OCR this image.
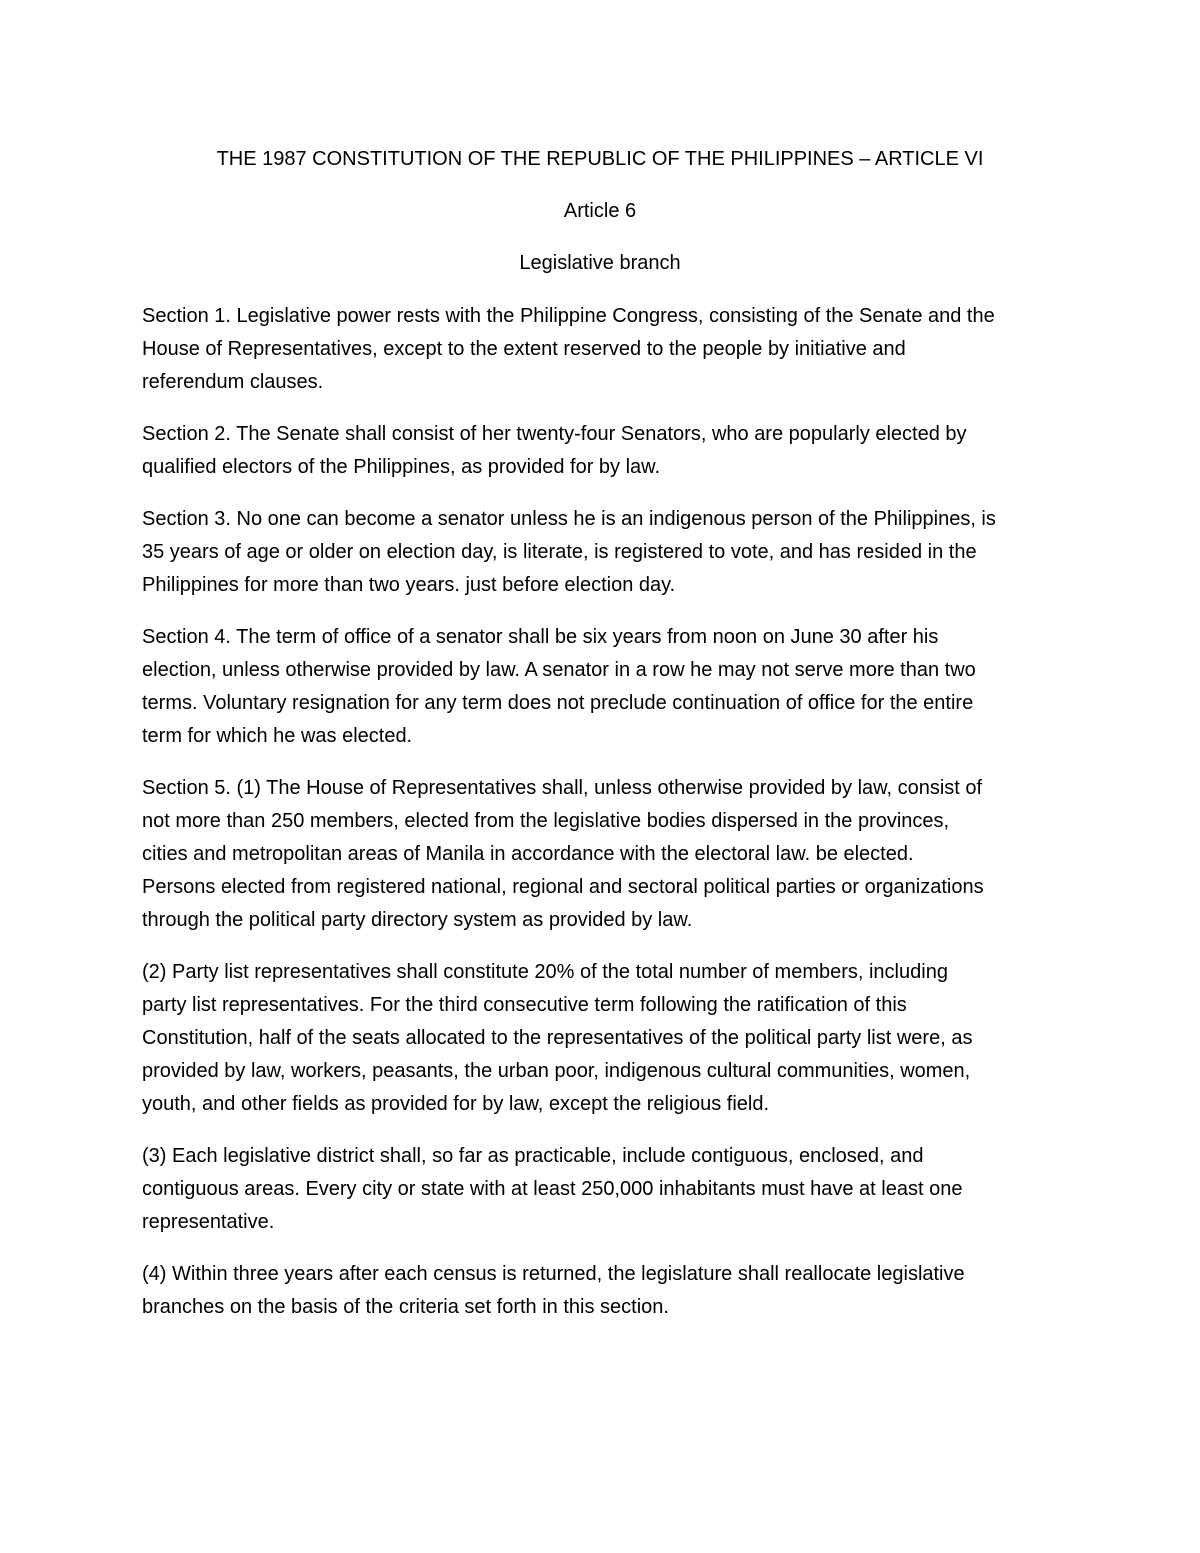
THE 1987 CONSTITUTION OF THE REPUBLIC OF THE PHILIPPINES – ARTICLE VI
Article 6
Legislative branch
Section 1. Legislative power rests with the Philippine Congress, consisting of the Senate and the
House of Representatives, except to the extent reserved to the people by initiative and
referendum clauses.
Section 2. The Senate shall consist of her twenty-four Senators, who are popularly elected by
qualified electors of the Philippines, as provided for by law.
Section 3. No one can become a senator unless he is an indigenous person of the Philippines, is
35 years of age or older on election day, is literate, is registered to vote, and has resided in the
Philippines for more than two years. just before election day.
Section 4. The term of office of a senator shall be six years from noon on June 30 after his
election, unless otherwise provided by law. A senator in a row he may not serve more than two
terms. Voluntary resignation for any term does not preclude continuation of office for the entire
term for which he was elected.
Section 5. (1) The House of Representatives shall, unless otherwise provided by law, consist of
not more than 250 members, elected from the legislative bodies dispersed in the provinces,
cities and metropolitan areas of Manila in accordance with the electoral law. be elected.
Persons elected from registered national, regional and sectoral political parties or organizations
through the political party directory system as provided by law.
(2) Party list representatives shall constitute 20% of the total number of members, including
party list representatives. For the third consecutive term following the ratification of this
Constitution, half of the seats allocated to the representatives of the political party list were, as
provided by law, workers, peasants, the urban poor, indigenous cultural communities, women,
youth, and other fields as provided for by law, except the religious field.
(3) Each legislative district shall, so far as practicable, include contiguous, enclosed, and
contiguous areas. Every city or state with at least 250,000 inhabitants must have at least one
representative.
(4) Within three years after each census is returned, the legislature shall reallocate legislative
branches on the basis of the criteria set forth in this section.
